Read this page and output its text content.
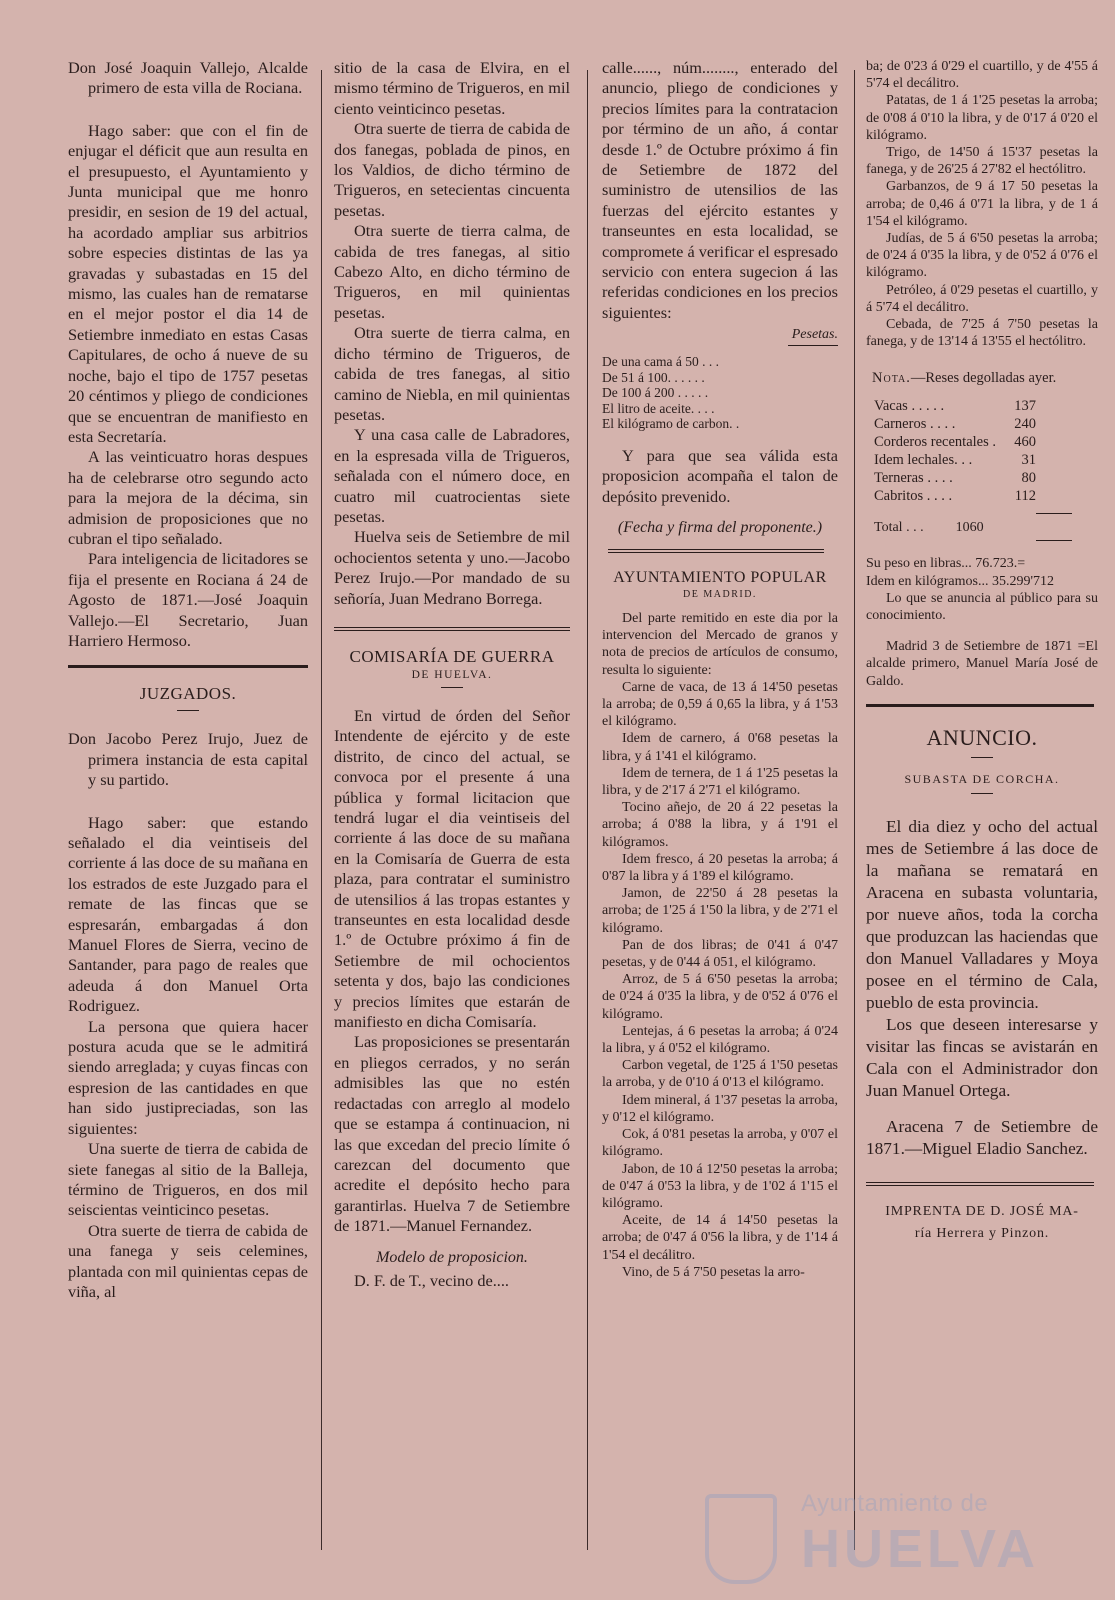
Don José Joaquin Vallejo, Alcalde primero de esta villa de Rociana.

Hago saber: que con el fin de enjugar el déficit que aun resulta en el presupuesto, el Ayuntamiento y Junta municipal que me honro presidir, en sesion de 19 del actual, ha acordado ampliar sus arbitrios sobre especies distintas de las ya gravadas y subastadas en 15 del mismo, las cuales han de rematarse en el mejor postor el dia 14 de Setiembre inmediato en estas Casas Capitulares, de ocho á nueve de su noche, bajo el tipo de 1757 pesetas 20 céntimos y pliego de condiciones que se encuentran de manifiesto en esta Secretaría.

A las veinticuatro horas despues ha de celebrarse otro segundo acto para la mejora de la décima, sin admision de proposiciones que no cubran el tipo señalado.

Para inteligencia de licitadores se fija el presente en Rociana á 24 de Agosto de 1871.—José Joaquin Vallejo.—El Secretario, Juan Harriero Hermoso.

JUZGADOS.

Don Jacobo Perez Irujo, Juez de primera instancia de esta capital y su partido.

Hago saber: que estando señalado el dia veintiseis del corriente á las doce de su mañana en los estrados de este Juzgado para el remate de las fincas que se espresarán, embargadas á don Manuel Flores de Sierra, vecino de Santander, para pago de reales que adeuda á don Manuel Orta Rodriguez.

La persona que quiera hacer postura acuda que se le admitirá siendo arreglada; y cuyas fincas con espresion de las cantidades en que han sido justipreciadas, son las siguientes:

Una suerte de tierra de cabida de siete fanegas al sitio de la Balleja, término de Trigueros, en dos mil seiscientas veinticinco pesetas.

Otra suerte de tierra de cabida de una fanega y seis celemines, plantada con mil quinientas cepas de viña, al

sitio de la casa de Elvira, en el mismo término de Trigueros, en mil ciento veinticinco pesetas.

Otra suerte de tierra de cabida de dos fanegas, poblada de pinos, en los Valdios, de dicho término de Trigueros, en setecientas cincuenta pesetas.

Otra suerte de tierra calma, de cabida de tres fanegas, al sitio Cabezo Alto, en dicho término de Trigueros, en mil quinientas pesetas.

Otra suerte de tierra calma, en dicho término de Trigueros, de cabida de tres fanegas, al sitio camino de Niebla, en mil quinientas pesetas.

Y una casa calle de Labradores, en la espresada villa de Trigueros, señalada con el número doce, en cuatro mil cuatrocientas siete pesetas.

Huelva seis de Setiembre de mil ochocientos setenta y uno.—Jacobo Perez Irujo.—Por mandado de su señoría, Juan Medrano Borrega.

COMISARÍA DE GUERRA
DE HUELVA.

En virtud de órden del Señor Intendente de ejército y de este distrito, de cinco del actual, se convoca por el presente á una pública y formal licitacion que tendrá lugar el dia veintiseis del corriente á las doce de su mañana en la Comisaría de Guerra de esta plaza, para contratar el suministro de utensilios á las tropas estantes y transeuntes en esta localidad desde 1.º de Octubre próximo á fin de Setiembre de mil ochocientos setenta y dos, bajo las condiciones y precios límites que estarán de manifiesto en dicha Comisaría.

Las proposiciones se presentarán en pliegos cerrados, y no serán admisibles las que no estén redactadas con arreglo al modelo que se estampa á continuacion, ni las que excedan del precio límite ó carezcan del documento que acredite el depósito hecho para garantirlas. Huelva 7 de Setiembre de 1871.—Manuel Fernandez.

Modelo de proposicion.

D. F. de T., vecino de....

calle......, núm........, enterado del anuncio, pliego de condiciones y precios límites para la contratacion por término de un año, á contar desde 1.º de Octubre próximo á fin de Setiembre de 1872 del suministro de utensilios de las fuerzas del ejército estantes y transeuntes en esta localidad, se compromete á verificar el espresado servicio con entera sugecion á las referidas condiciones en los precios siguientes:

Pesetas.
De una cama á 50 . . .
De 51 á 100. . . . . .
De 100 á 200 . . . . .
El litro de aceite. . . .
El kilógramo de carbon. .

Y para que sea válida esta proposicion acompaña el talon de depósito prevenido.

(Fecha y firma del proponente.)
AYUNTAMIENTO POPULAR
DE MADRID.

Del parte remitido en este dia por la intervencion del Mercado de granos y nota de precios de artículos de consumo, resulta lo siguiente:

Carne de vaca, de 13 á 14'50 pesetas la arroba; de 0,59 á 0,65 la libra, y á 1'53 el kilógramo.

Idem de carnero, á 0'68 pesetas la libra, y á 1'41 el kilógramo.

Idem de ternera, de 1 á 1'25 pesetas la libra, y de 2'17 á 2'71 el kilógramo.

Tocino añejo, de 20 á 22 pesetas la arroba; á 0'88 la libra, y á 1'91 el kilógramos.

Idem fresco, á 20 pesetas la arroba; á 0'87 la libra y á 1'89 el kilógramo.

Jamon, de 22'50 á 28 pesetas la arroba; de 1'25 á 1'50 la libra, y de 2'71 el kilógramo.

Pan de dos libras; de 0'41 á 0'47 pesetas, y de 0'44 á 051, el kilógramo.

Arroz, de 5 á 6'50 pesetas la arroba; de 0'24 á 0'35 la libra, y de 0'52 á 0'76 el kilógramo.

Lentejas, á 6 pesetas la arroba; á 0'24 la libra, y á 0'52 el kilógramo.

Carbon vegetal, de 1'25 á 1'50 pesetas la arroba, y de 0'10 á 0'13 el kilógramo.

Idem mineral, á 1'37 pesetas la arroba, y 0'12 el kilógramo.

Cok, á 0'81 pesetas la arroba, y 0'07 el kilógramo.

Jabon, de 10 á 12'50 pesetas la arroba; de 0'47 á 0'53 la libra, y de 1'02 á 1'15 el kilógramo.

Aceite, de 14 á 14'50 pesetas la arroba; de 0'47 á 0'56 la libra, y de 1'14 á 1'54 el decálitro.

Vino, de 5 á 7'50 pesetas la arro-

ba; de 0'23 á 0'29 el cuartillo, y de 4'55 á 5'74 el decálitro.

Patatas, de 1 á 1'25 pesetas la arroba; de 0'08 á 0'10 la libra, y de 0'17 á 0'20 el kilógramo.

Trigo, de 14'50 á 15'37 pesetas la fanega, y de 26'25 á 27'82 el hectólitro.

Garbanzos, de 9 á 17 50 pesetas la arroba; de 0,46 á 0'71 la libra, y de 1 á 1'54 el kilógramo.

Judías, de 5 á 6'50 pesetas la arroba; de 0'24 á 0'35 la libra, y de 0'52 á 0'76 el kilógramo.

Petróleo, á 0'29 pesetas el cuartillo, y á 5'74 el decálitro.

Cebada, de 7'25 á 7'50 pesetas la fanega, y de 13'14 á 13'55 el hectólitro.

Nota.—Reses degolladas ayer.
Vacas . . . . .	137
Carneros . . . .	240
Corderos recentales .	460
Idem lechales. . .	31
Terneras . . . .	80
Cabritos . . . .	112
Total . . . 1060

Su peso en libras... 76.723.=

Idem en kilógramos... 35.299'712

Lo que se anuncia al público para su conocimiento.

Madrid 3 de Setiembre de 1871 =El alcalde primero, Manuel María José de Galdo.

ANUNCIO.
SUBASTA DE CORCHA.

El dia diez y ocho del actual mes de Setiembre á las doce de la mañana se rematará en Aracena en subasta voluntaria, por nueve años, toda la corcha que produzcan las haciendas que don Manuel Valladares y Moya posee en el término de Cala, pueblo de esta provincia.

Los que deseen interesarse y visitar las fincas se avistarán en Cala con el Administrador don Juan Manuel Ortega.

Aracena 7 de Setiembre de 1871.—Miguel Eladio Sanchez.

IMPRENTA DE D. JOSÉ MA-

ría Herrera y Pinzon.

Ayuntamiento de
HUELVA
